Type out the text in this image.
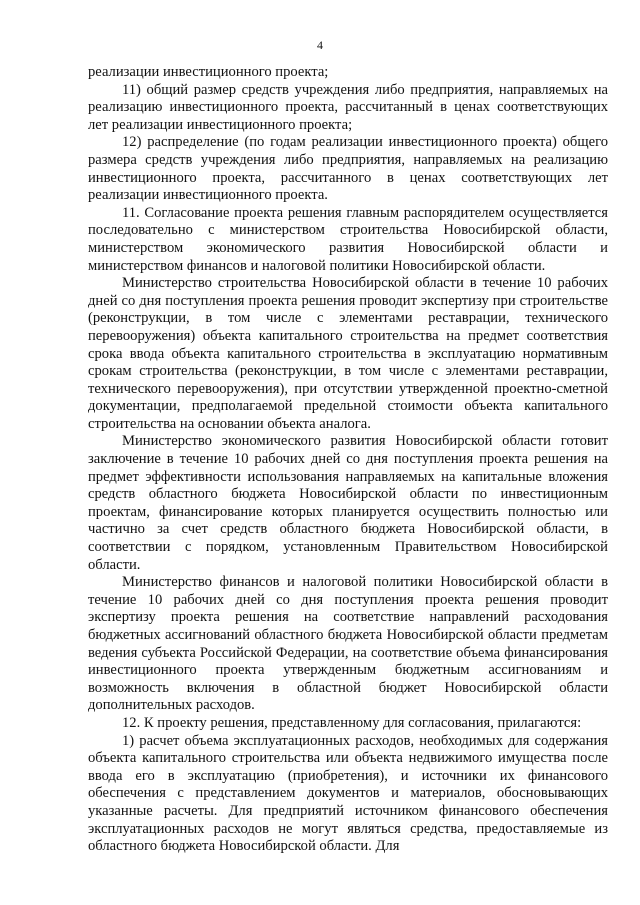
4

реализации инвестиционного проекта;

11) общий размер средств учреждения либо предприятия, направляемых на реализацию инвестиционного проекта, рассчитанный в ценах соответствующих лет реализации инвестиционного проекта;

12) распределение (по годам реализации инвестиционного проекта) общего размера средств учреждения либо предприятия, направляемых на реализацию инвестиционного проекта, рассчитанного в ценах соответствующих лет реализации инвестиционного проекта.

11. Согласование проекта решения главным распорядителем осуществляется последовательно с министерством строительства Новосибирской области, министерством экономического развития Новосибирской области и министерством финансов и налоговой политики Новосибирской области.

Министерство строительства Новосибирской области в течение 10 рабочих дней со дня поступления проекта решения проводит экспертизу при строительстве (реконструкции, в том числе с элементами реставрации, технического перевооружения) объекта капитального строительства на предмет соответствия срока ввода объекта капитального строительства в эксплуатацию нормативным срокам строительства (реконструкции, в том числе с элементами реставрации, технического перевооружения), при отсутствии утвержденной проектно-сметной документации, предполагаемой предельной стоимости объекта капитального строительства на основании объекта аналога.

Министерство экономического развития Новосибирской области готовит заключение в течение 10 рабочих дней со дня поступления проекта решения на предмет эффективности использования направляемых на капитальные вложения средств областного бюджета Новосибирской области по инвестиционным проектам, финансирование которых планируется осуществить полностью или частично за счет средств областного бюджета Новосибирской области, в соответствии с порядком, установленным Правительством Новосибирской области.

Министерство финансов и налоговой политики Новосибирской области в течение 10 рабочих дней со дня поступления проекта решения проводит экспертизу проекта решения на соответствие направлений расходования бюджетных ассигнований областного бюджета Новосибирской области предметам ведения субъекта Российской Федерации, на соответствие объема финансирования инвестиционного проекта утвержденным бюджетным ассигнованиям и возможность включения в областной бюджет Новосибирской области дополнительных расходов.

12. К проекту решения, представленному для согласования, прилагаются:

1) расчет объема эксплуатационных расходов, необходимых для содержания объекта капитального строительства или объекта недвижимого имущества после ввода его в эксплуатацию (приобретения), и источники их финансового обеспечения с представлением документов и материалов, обосновывающих указанные расчеты. Для предприятий источником финансового обеспечения эксплуатационных расходов не могут являться средства, предоставляемые из областного бюджета Новосибирской области. Для
